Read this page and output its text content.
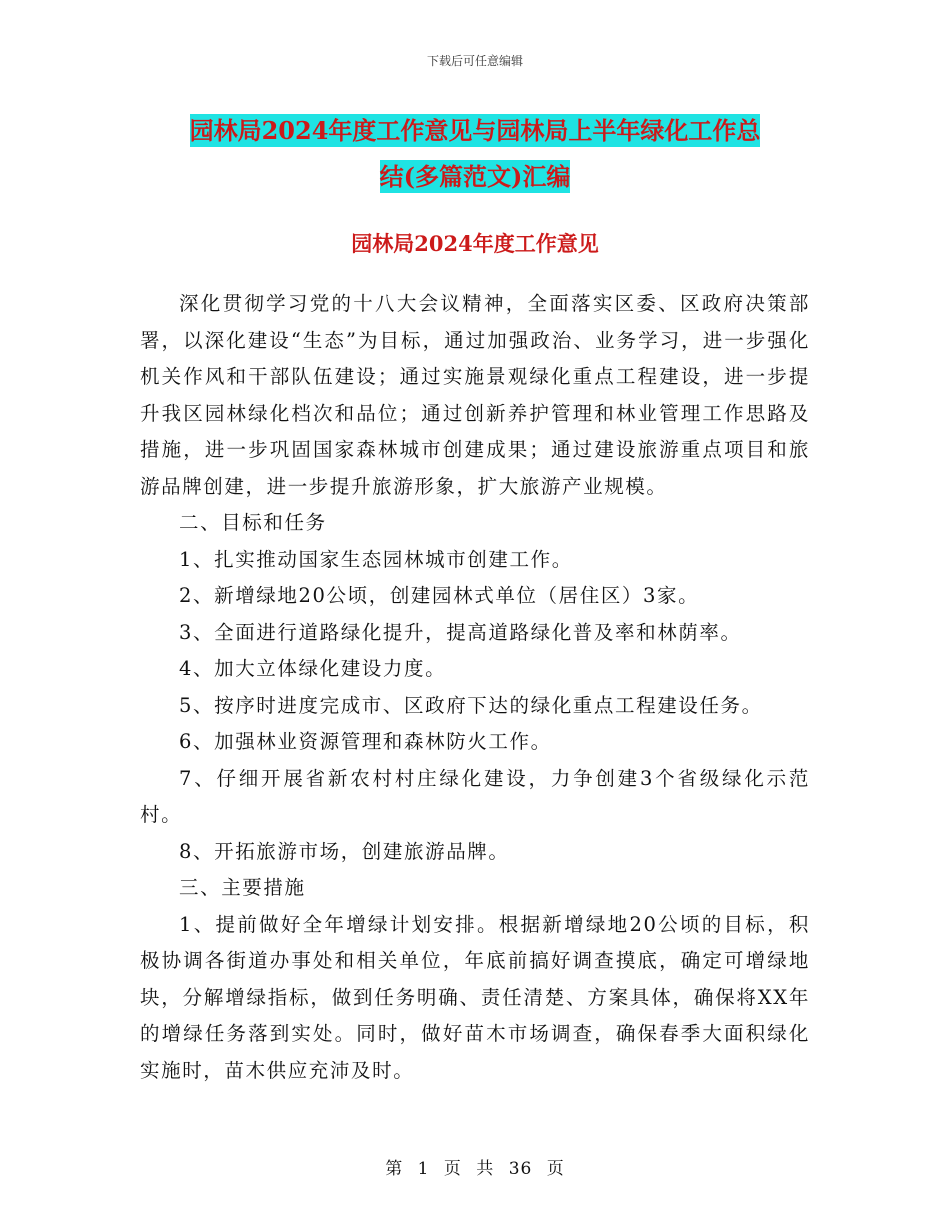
下载后可任意编辑
园林局2024年度工作意见与园林局上半年绿化工作总
结(多篇范文)汇编
园林局2024年度工作意见

深化贯彻学习党的十八大会议精神，全面落实区委、区政府决策部署，以深化建设“生态”为目标，通过加强政治、业务学习，进一步强化机关作风和干部队伍建设；通过实施景观绿化重点工程建设，进一步提升我区园林绿化档次和品位；通过创新养护管理和林业管理工作思路及措施，进一步巩固国家森林城市创建成果；通过建设旅游重点项目和旅游品牌创建，进一步提升旅游形象，扩大旅游产业规模。

二、目标和任务

1、扎实推动国家生态园林城市创建工作。

2、新增绿地20公顷，创建园林式单位（居住区）3家。

3、全面进行道路绿化提升，提高道路绿化普及率和林荫率。

4、加大立体绿化建设力度。

5、按序时进度完成市、区政府下达的绿化重点工程建设任务。

6、加强林业资源管理和森林防火工作。

7、仔细开展省新农村村庄绿化建设，力争创建3个省级绿化示范村。

8、开拓旅游市场，创建旅游品牌。

三、主要措施

1、提前做好全年增绿计划安排。根据新增绿地20公顷的目标，积极协调各街道办事处和相关单位，年底前搞好调查摸底，确定可增绿地块，分解增绿指标，做到任务明确、责任清楚、方案具体，确保将XX年的增绿任务落到实处。同时，做好苗木市场调查，确保春季大面积绿化实施时，苗木供应充沛及时。

第 1 页 共 36 页
